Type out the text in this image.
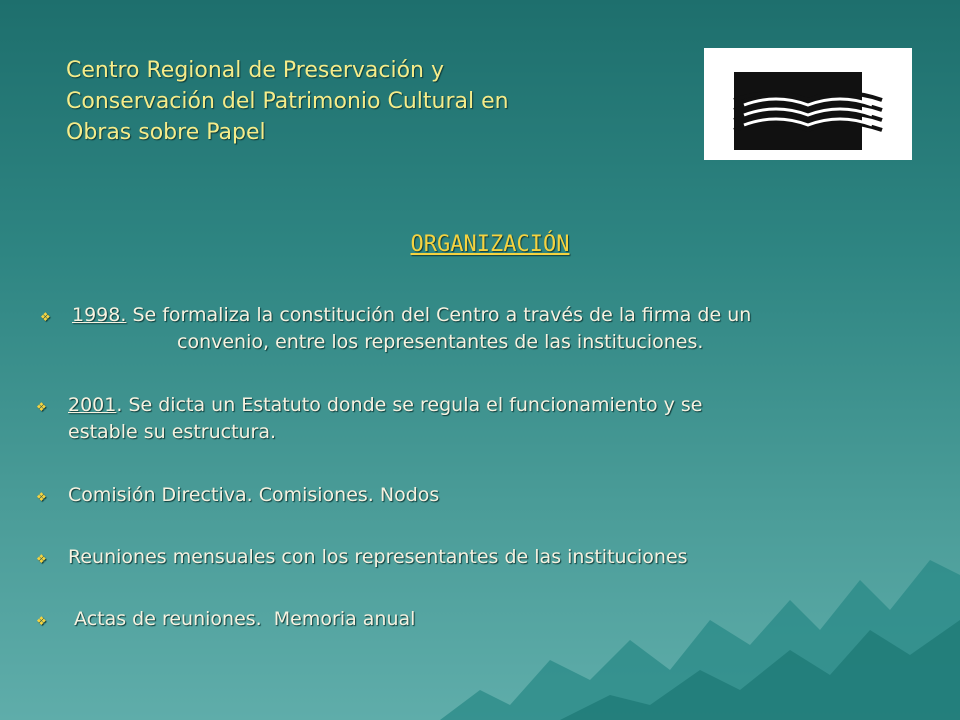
Centro Regional de Preservación y
Conservación del Patrimonio Cultural en
Obras sobre Papel
ORGANIZACIÓN
❖	1998. Se formaliza la constitución del Centro a través de la firma de un
convenio, entre los representantes de las instituciones.
❖	2001. Se dicta un Estatuto donde se regula el funcionamiento y se
estable su estructura.
❖	Comisión Directiva. Comisiones. Nodos
❖	Reuniones mensuales con los representantes de las instituciones
❖	Actas de reuniones.  Memoria anual
